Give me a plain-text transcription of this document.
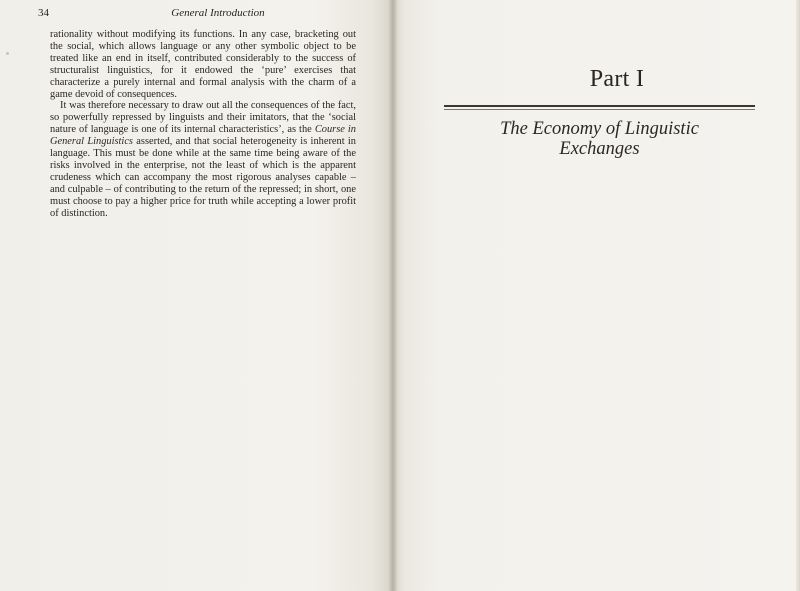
34	General Introduction

rationality without modifying its functions. In any case, bracketing out the social, which allows language or any other symbolic object to be treated like an end in itself, contributed considerably to the success of structuralist linguistics, for it endowed the ‘pure’ exercises that characterize a purely internal and formal analysis with the charm of a game devoid of consequences.

It was therefore necessary to draw out all the consequences of the fact, so powerfully repressed by linguists and their imitators, that the ‘social nature of language is one of its internal characteristics’, as the Course in General Linguistics asserted, and that social heterogeneity is inherent in language. This must be done while at the same time being aware of the risks involved in the enterprise, not the least of which is the apparent crudeness which can accompany the most rigorous analyses capable – and culpable – of contributing to the return of the repressed; in short, one must choose to pay a higher price for truth while accepting a lower profit of distinction.

Part I
The Economy of Linguistic
Exchanges
